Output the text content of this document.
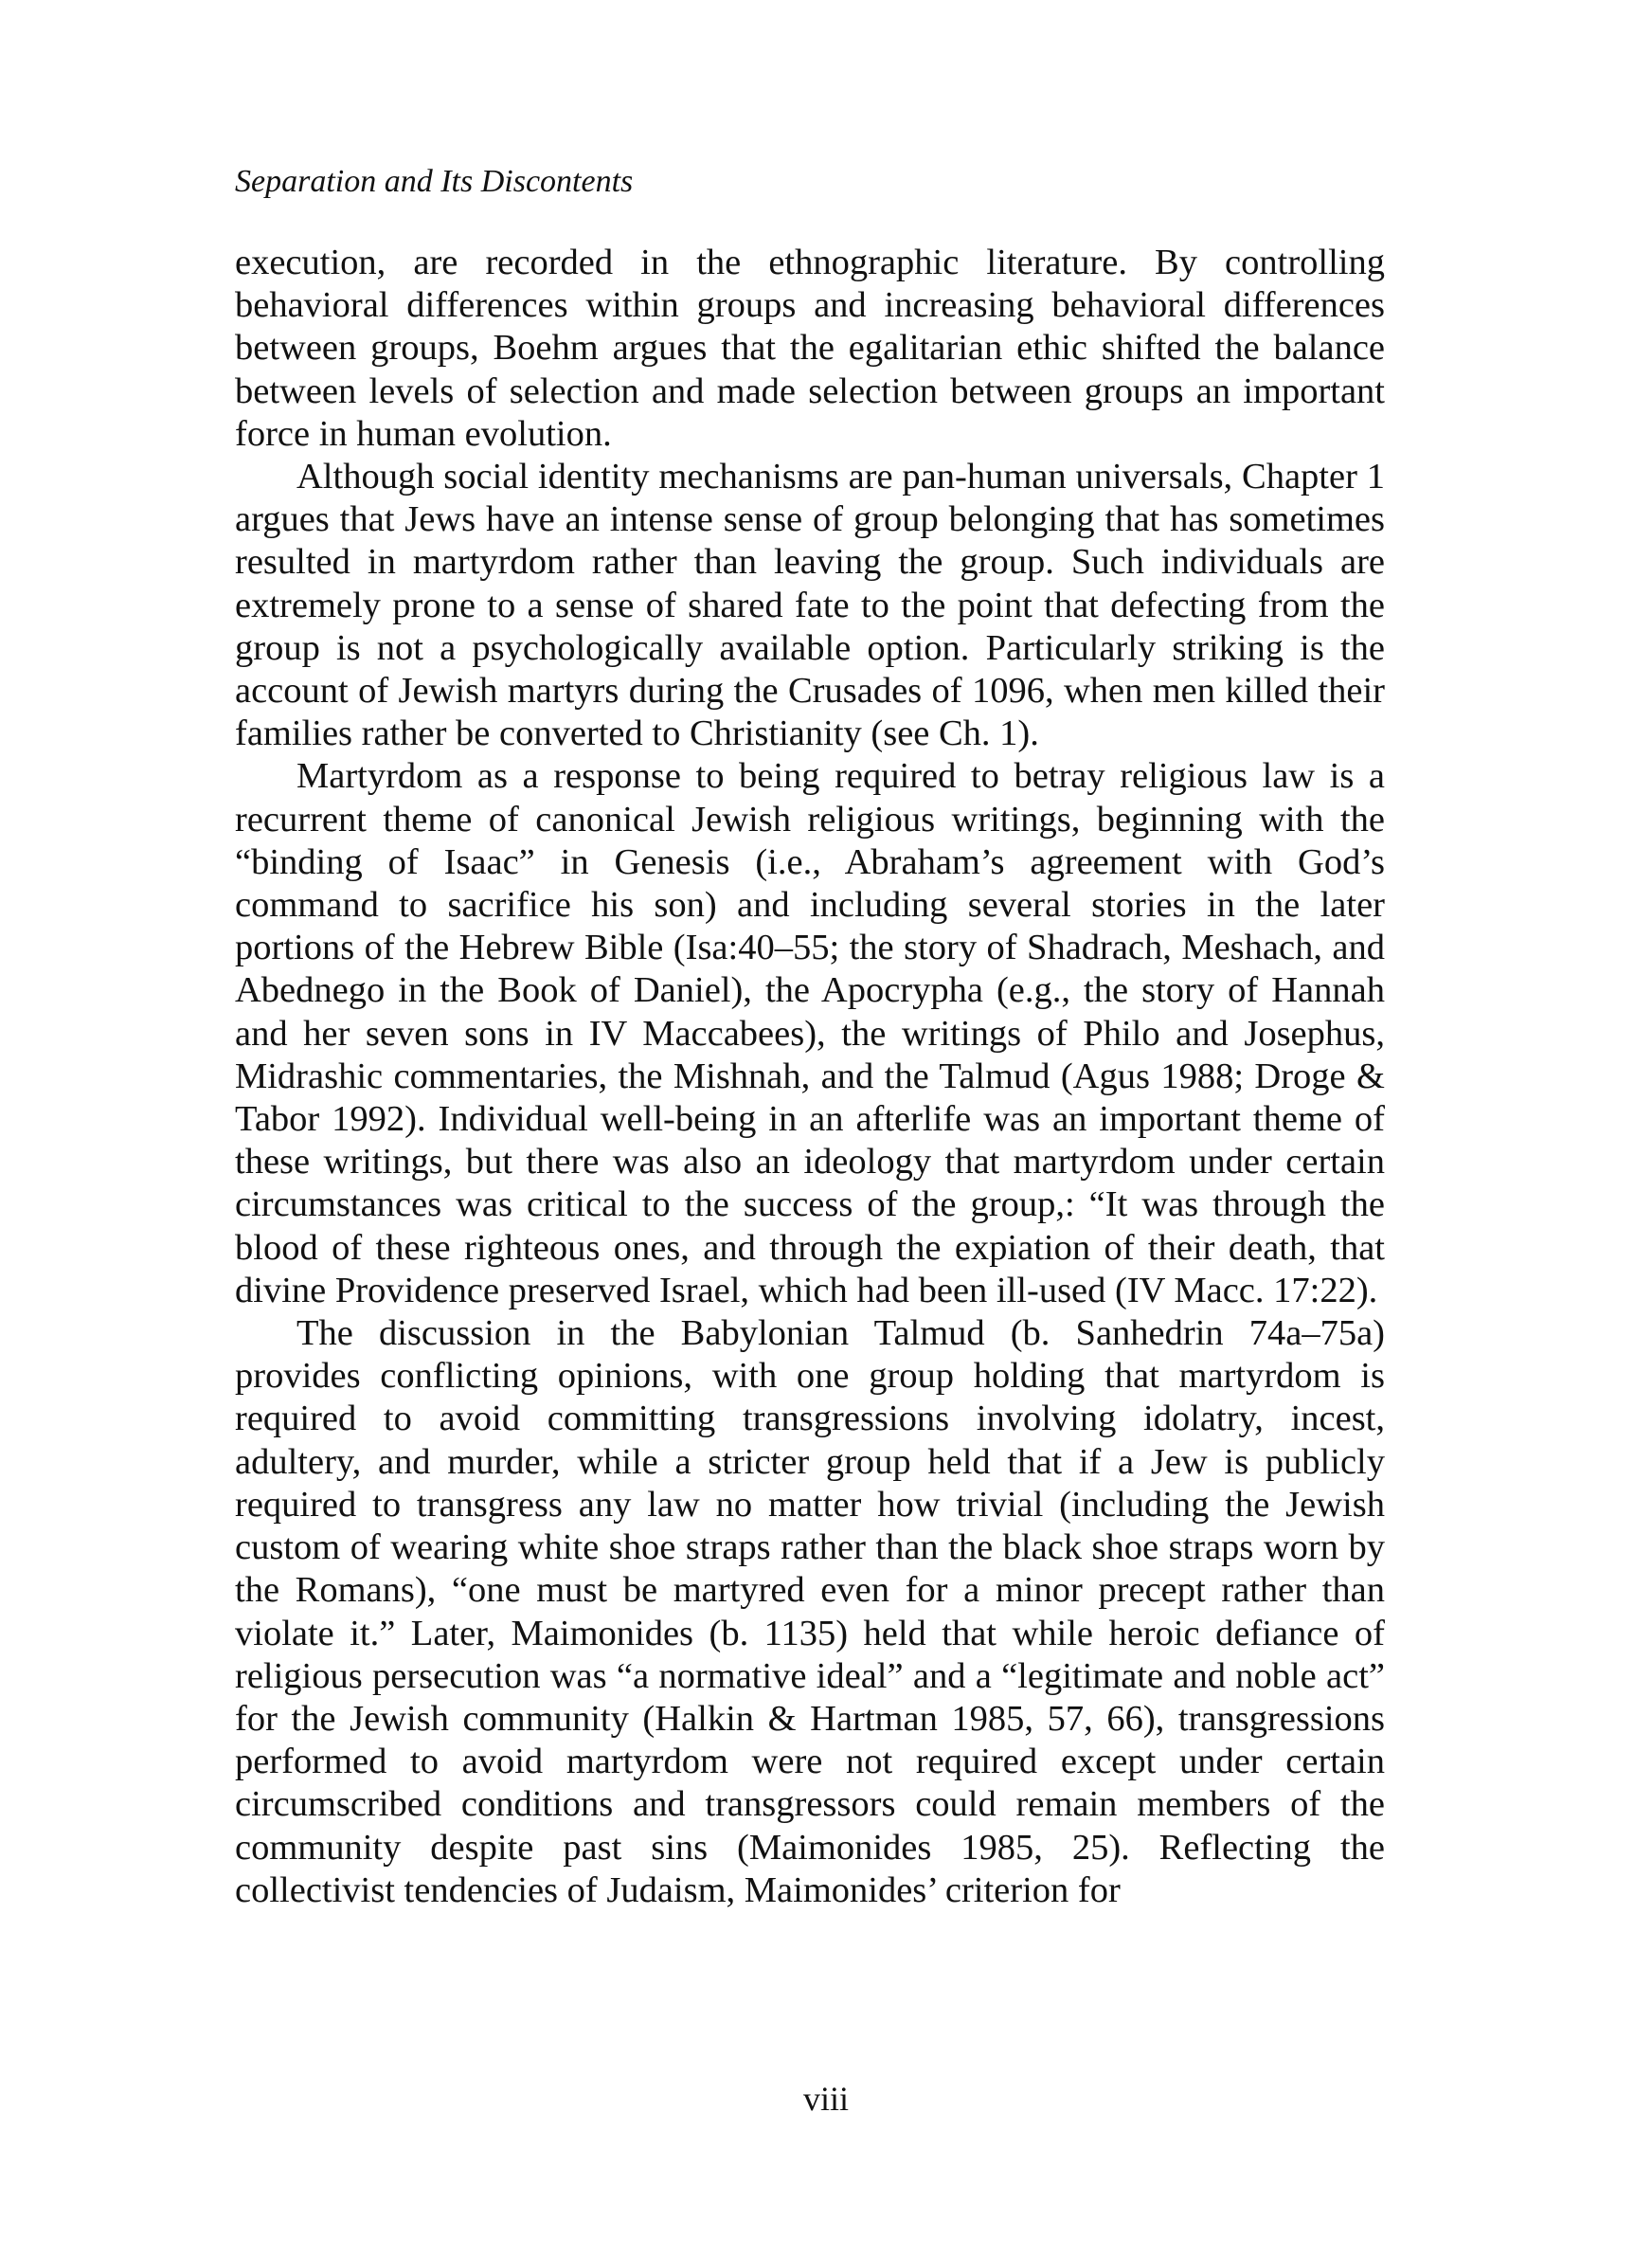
Separation and Its Discontents

execution, are recorded in the ethnographic literature. By controlling behavioral differences within groups and increasing behavioral differences between groups, Boehm argues that the egalitarian ethic shifted the balance between levels of selection and made selection between groups an important force in human evolution.

Although social identity mechanisms are pan-human universals, Chapter 1 argues that Jews have an intense sense of group belonging that has sometimes resulted in martyrdom rather than leaving the group. Such individuals are extremely prone to a sense of shared fate to the point that defecting from the group is not a psychologically available option. Particularly striking is the account of Jewish martyrs during the Crusades of 1096, when men killed their families rather be converted to Christianity (see Ch. 1).

Martyrdom as a response to being required to betray religious law is a recurrent theme of canonical Jewish religious writings, beginning with the “binding of Isaac” in Genesis (i.e., Abraham’s agreement with God’s command to sacrifice his son) and including several stories in the later portions of the Hebrew Bible (Isa:40–55; the story of Shadrach, Meshach, and Abednego in the Book of Daniel), the Apocrypha (e.g., the story of Hannah and her seven sons in IV Maccabees), the writings of Philo and Josephus, Midrashic commentaries, the Mishnah, and the Talmud (Agus 1988; Droge & Tabor 1992). Individual well-being in an afterlife was an important theme of these writings, but there was also an ideology that martyrdom under certain circumstances was critical to the success of the group,: “It was through the blood of these righteous ones, and through the expiation of their death, that divine Providence preserved Israel, which had been ill-used (IV Macc. 17:22).

The discussion in the Babylonian Talmud (b. Sanhedrin 74a–75a) provides conflicting opinions, with one group holding that martyrdom is required to avoid committing transgressions involving idolatry, incest, adultery, and murder, while a stricter group held that if a Jew is publicly required to transgress any law no matter how trivial (including the Jewish custom of wearing white shoe straps rather than the black shoe straps worn by the Romans), “one must be martyred even for a minor precept rather than violate it.” Later, Maimonides (b. 1135) held that while heroic defiance of religious persecution was “a normative ideal” and a “legitimate and noble act” for the Jewish community (Halkin & Hartman 1985, 57, 66), transgressions performed to avoid martyrdom were not required except under certain circumscribed conditions and transgressors could remain members of the community despite past sins (Maimonides 1985, 25). Reflecting the collectivist tendencies of Judaism, Maimonides’ criterion for

viii
